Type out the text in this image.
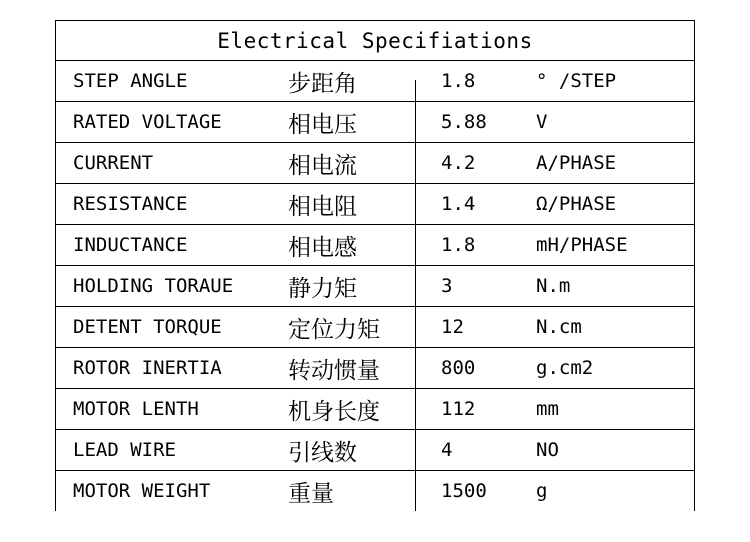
Electrical Specifiations
STEP ANGLE	步距角	1.8	° /STEP
RATED VOLTAGE	相电压	5.88	V
CURRENT	相电流	4.2	A/PHASE
RESISTANCE	相电阻	1.4	Ω/PHASE
INDUCTANCE	相电感	1.8	mH/PHASE
HOLDING TORAUE 静力矩	3	N.m
DETENT TORQUE	定位力矩	12	N.cm
ROTOR INERTIA	转动惯量	800	g.cm2
MOTOR LENTH	机身长度	112	mm
LEAD WIRE	引线数	4	NO
MOTOR WEIGHT	重量	1500	g
